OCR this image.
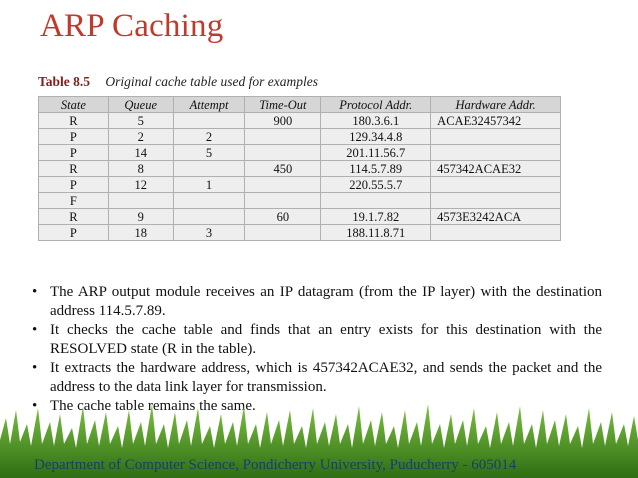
ARP Caching
Table 8.5 Original cache table used for examples
State	Queue	Attempt	Time-Out	Protocol Addr.	Hardware Addr.
R	5		900	180.3.6.1	ACAE32457342
P	2	2		129.34.4.8	
P	14	5		201.11.56.7	
R	8		450	114.5.7.89	457342ACAE32
P	12	1		220.55.5.7	
F					
R	9		60	19.1.7.82	4573E3242ACA
P	18	3		188.11.8.71	
• The ARP output module receives an IP datagram (from the IP layer) with the destination address 114.5.7.89.
• It checks the cache table and finds that an entry exists for this destination with the RESOLVED state (R in the table).
• It extracts the hardware address, which is 457342ACAE32, and sends the packet and the address to the data link layer for transmission.
• The cache table remains the same.
Department of Computer Science, Pondicherry University, Puducherry - 605014
